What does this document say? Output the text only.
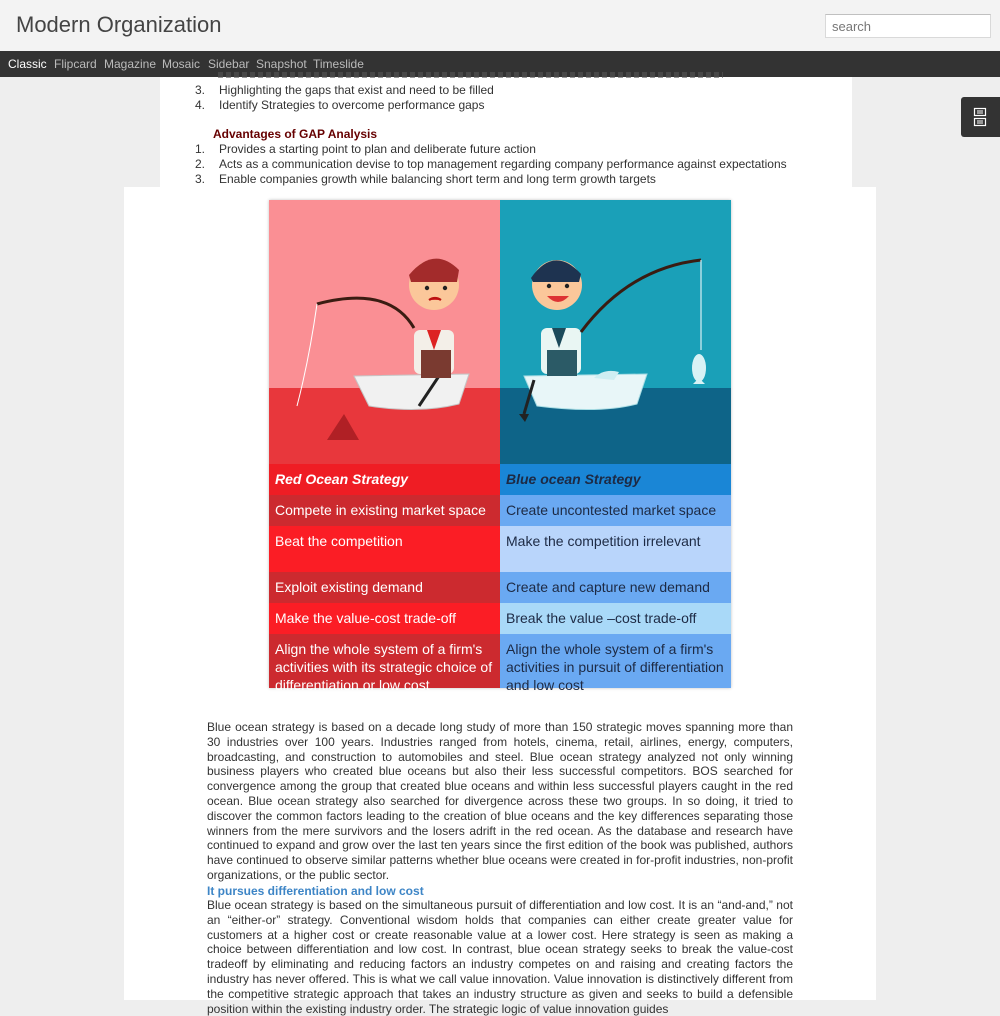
Modern Organization
search
Classic Flipcard Magazine Mosaic Sidebar Snapshot Timeslide
3. Highlighting the gaps that exist and need to be filled
4. Identify Strategies to overcome performance gaps
Advantages of GAP Analysis
1. Provides a starting point to plan and deliberate future action
2. Acts as a communication devise to top management regarding company performance against expectations
3. Enable companies growth while balancing short term and long term growth targets
Red Ocean Strategy	Blue ocean Strategy
Compete in existing market space
Beat the competition
Exploit existing demand
Make the value-cost trade-off
Align the whole system of a firm's activities with its strategic choice of differentiation or low cost
Create uncontested market space
Make the competition irrelevant
Create and capture new demand
Break the value –cost trade-off
Align the whole system of a firm's activities in pursuit of differentiation and low cost

Blue ocean strategy is based on a decade long study of more than 150 strategic moves spanning more than 30 industries over 100 years. Industries ranged from hotels, cinema, retail, airlines, energy, computers, broadcasting, and construction to automobiles and steel. Blue ocean strategy analyzed not only winning business players who created blue oceans but also their less successful competitors. BOS searched for convergence among the group that created blue oceans and within less successful players caught in the red ocean. Blue ocean strategy also searched for divergence across these two groups. In so doing, it tried to discover the common factors leading to the creation of blue oceans and the key differences separating those winners from the mere survivors and the losers adrift in the red ocean. As the database and research have continued to expand and grow over the last ten years since the first edition of the book was published, authors have continued to observe similar patterns whether blue oceans were created in for-profit industries, non-profit organizations, or the public sector.

It pursues differentiation and low cost

Blue ocean strategy is based on the simultaneous pursuit of differentiation and low cost. It is an “and-and,” not an “either-or” strategy. Conventional wisdom holds that companies can either create greater value for customers at a higher cost or create reasonable value at a lower cost. Here strategy is seen as making a choice between differentiation and low cost. In contrast, blue ocean strategy seeks to break the value-cost tradeoff by eliminating and reducing factors an industry competes on and raising and creating factors the industry has never offered. This is what we call value innovation. Value innovation is distinctively different from the competitive strategic approach that takes an industry structure as given and seeks to build a defensible position within the existing industry order. The strategic logic of value innovation guides
